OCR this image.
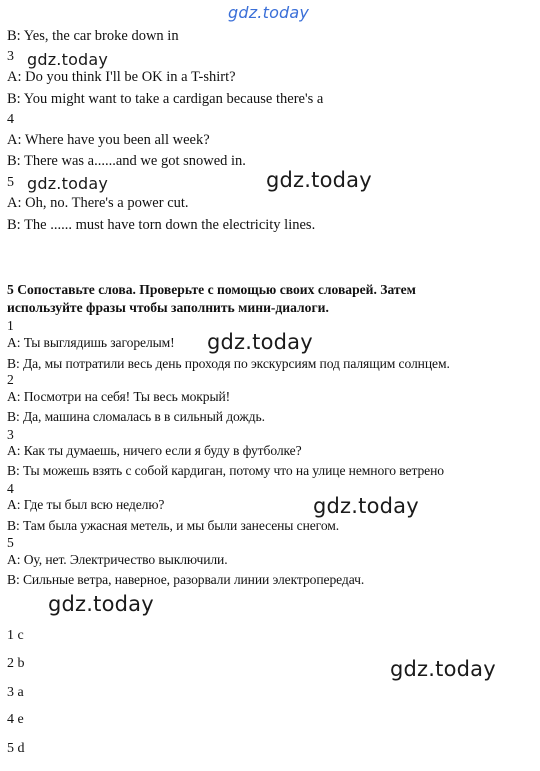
gdz.today
gdz.today
gdz.today	gdz.today
gdz.today
gdz.today
gdz.today
gdz.today
B: Yes, the car broke down in
3
A: Do you think I'll be OK in a T-shirt?
B: You might want to take a cardigan because there's a
4
A: Where have you been all week?
B: There was a......and we got snowed in.
5
A: Oh, no. There's a power cut.
B: The ...... must have torn down the electricity lines.
5 Сопоставьте слова. Проверьте с помощью своих словарей. Затем
используйте фразы чтобы заполнить мини-диалоги.
1
A: Ты выглядишь загорелым!
B: Да, мы потратили весь день проходя по экскурсиям под палящим солнцем.
2
A: Посмотри на себя! Ты весь мокрый!
B: Да, машина сломалась в в сильный дождь.
3
A: Как ты думаешь, ничего если я буду в футболке?
B: Ты можешь взять с собой кардиган, потому что на улице немного ветрено
4
A: Где ты был всю неделю?
B: Там была ужасная метель, и мы были занесены снегом.
5
A: Оу, нет. Электричество выключили.
B: Сильные ветра, наверное, разорвали линии электропередач.
1 c
2 b
3 a
4 e
5 d
